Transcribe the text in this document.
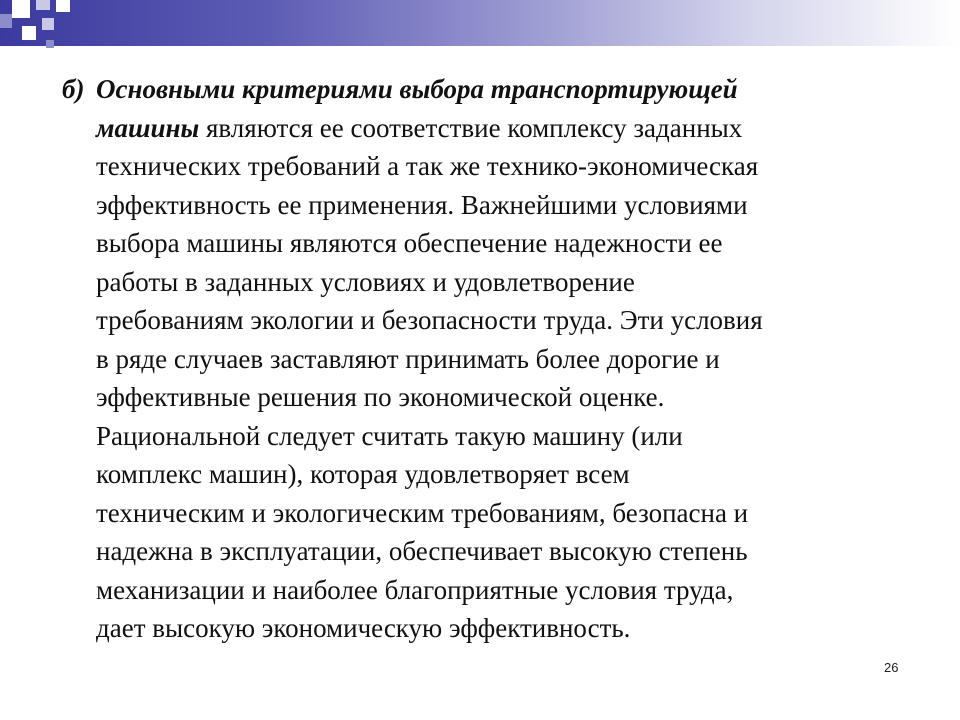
б) Основными критериями выбора транспортирующей
машины являются ее соответствие комплексу заданных
технических требований а так же технико-экономическая
эффективность ее применения. Важнейшими условиями
выбора машины являются обеспечение надежности ее
работы в заданных условиях и удовлетворение
требованиям экологии и безопасности труда. Эти условия
в ряде случаев заставляют принимать более дорогие и
эффективные решения по экономической оценке.
Рациональной следует считать такую машину (или
комплекс машин), которая удовлетворяет всем
техническим и экологическим требованиям, безопасна и
надежна в эксплуатации, обеспечивает высокую степень
механизации и наиболее благоприятные условия труда,
дает высокую экономическую эффективность.
26
